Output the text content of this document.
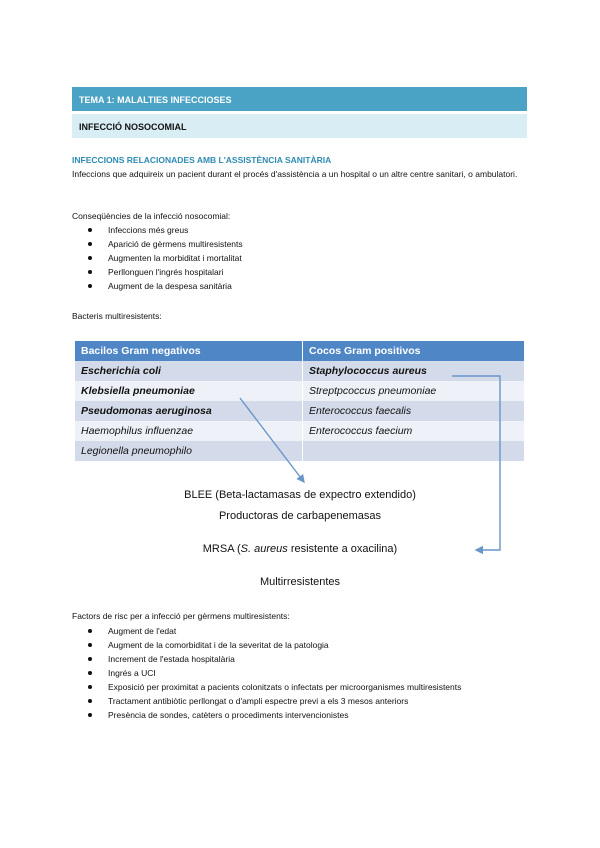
TEMA 1: MALALTIES INFECCIOSES
INFECCIÓ NOSOCOMIAL
INFECCIONS RELACIONADES AMB L'ASSISTÈNCIA SANITÀRIA
Infeccions que adquireix un pacient durant el procés d'assistència a un hospital o un altre centre sanitari, o ambulatori.
Conseqüències de la infecció nosocomial:
Infeccions més greus
Aparició de gèrmens multiresistents
Augmenten la morbiditat i mortalitat
Perllonguen l'ingrés hospitalari
Augment de la despesa sanitària
Bacteris multiresistents:
Bacilos Gram negativos	Cocos Gram positivos
Escherichia coli	Staphylococcus aureus
Klebsiella pneumoniae	Streptpcoccus pneumoniae
Pseudomonas aeruginosa	Enterococcus faecalis
Haemophilus influenzae	Enterococcus faecium
Legionella pneumophilo	
BLEE (Beta-lactamasas de expectro extendido)
Productoras de carbapenemasas
MRSA (S. aureus resistente a oxacilina)
Multirresistentes
Factors de risc per a infecció per gèrmens multiresistents:
Augment de l'edat
Augment de la comorbiditat i de la severitat de la patologia
Increment de l'estada hospitalària
Ingrés a UCI
Exposició per proximitat a pacients colonitzats o infectats per microorganismes multiresistents
Tractament antibiòtic perllongat o d'ampli espectre previ a els 3 mesos anteriors
Presència de sondes, catèters o procediments intervencionistes
